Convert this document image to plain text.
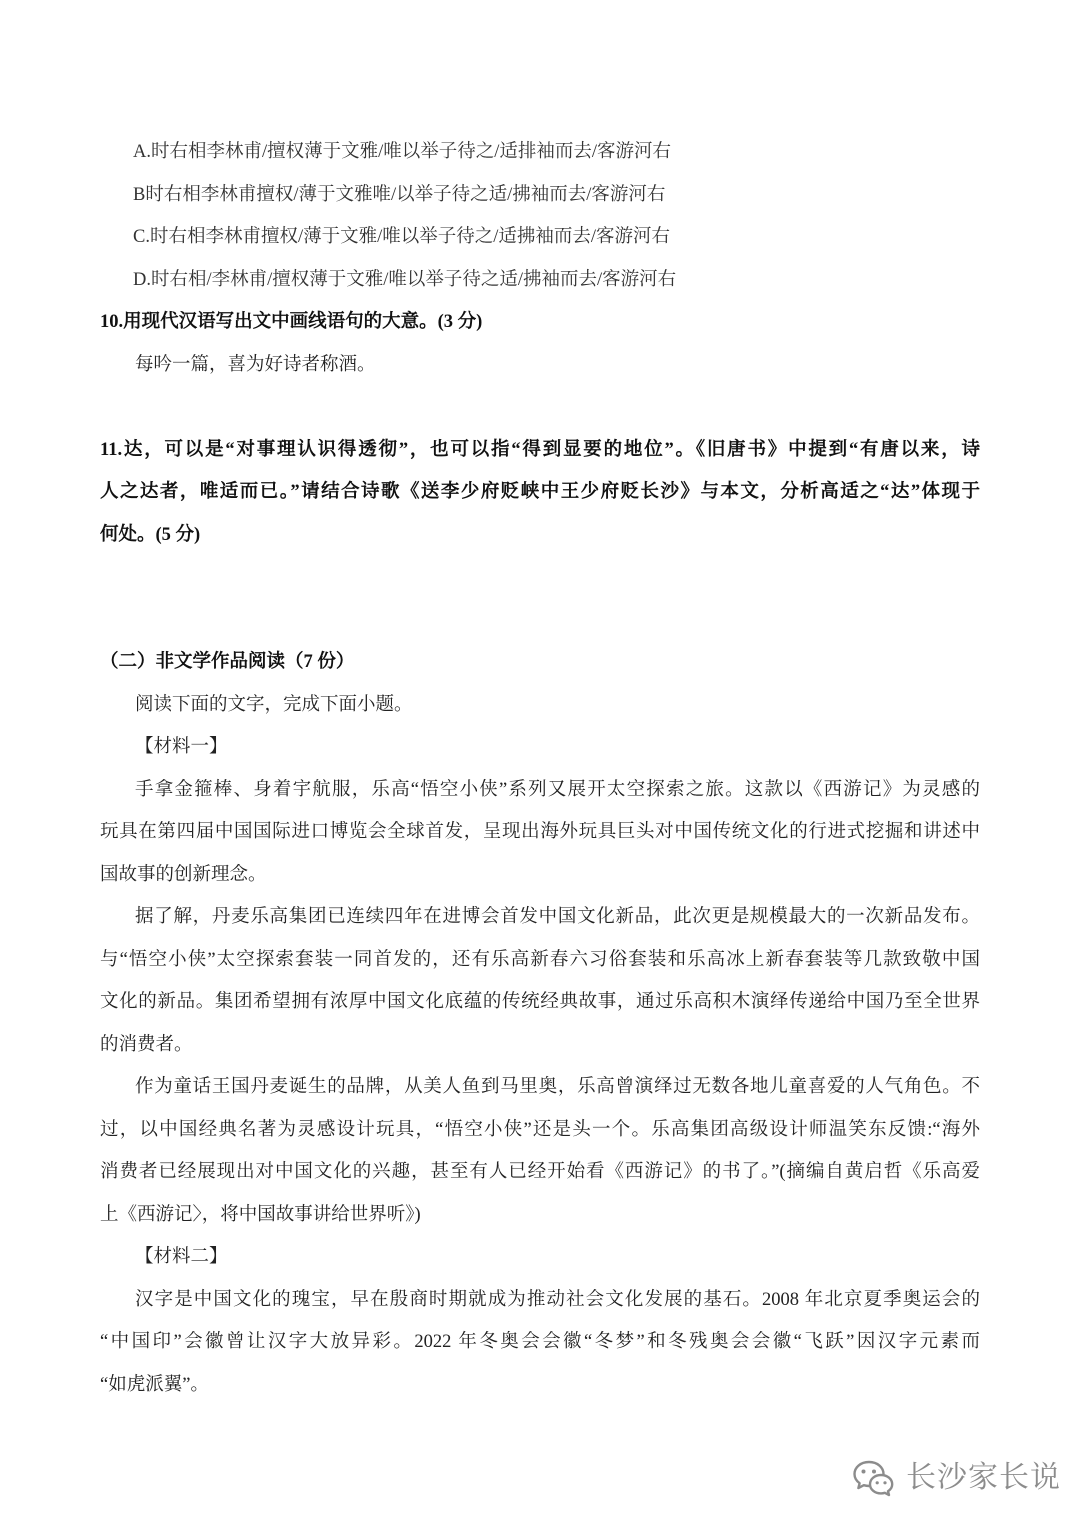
A.时右相李林甫/擅权薄于文雅/唯以举子待之/适排袖而去/客游河右
B时右相李林甫擅权/薄于文雅唯/以举子待之适/拂袖而去/客游河右
C.时右相李林甫擅权/薄于文雅/唯以举子待之/适拂袖而去/客游河右
D.时右相/李林甫/擅权薄于文雅/唯以举子待之适/拂袖而去/客游河右
10.用现代汉语写出文中画线语句的大意。(3 分)
每吟一篇，喜为好诗者称酒。
11.达，可以是“对事理认识得透彻”，也可以指“得到显要的地位”。《旧唐书》中提到“有唐以来，诗
人之达者，唯适而已。”请结合诗歌《送李少府贬峡中王少府贬长沙》与本文，分析高适之“达”体现于
何处。(5 分)
（二）非文学作品阅读（7 份）
阅读下面的文字，完成下面小题。
【材料一】
手拿金箍棒、身着宇航服，乐高“悟空小侠”系列又展开太空探索之旅。这款以《西游记》为灵感的
玩具在第四届中国国际进口博览会全球首发，呈现出海外玩具巨头对中国传统文化的行进式挖掘和讲述中
国故事的创新理念。
据了解，丹麦乐高集团已连续四年在进博会首发中国文化新品，此次更是规模最大的一次新品发布。
与“悟空小侠”太空探索套装一同首发的，还有乐高新春六习俗套装和乐高冰上新春套装等几款致敬中国
文化的新品。集团希望拥有浓厚中国文化底蕴的传统经典故事，通过乐高积木演绎传递给中国乃至全世界
的消费者。
作为童话王国丹麦诞生的品牌，从美人鱼到马里奥，乐高曾演绎过无数各地儿童喜爱的人气角色。不
过，以中国经典名著为灵感设计玩具，“悟空小侠”还是头一个。乐高集团高级设计师温笑东反馈:“海外
消费者已经展现出对中国文化的兴趣，甚至有人已经开始看《西游记》的书了。”(摘编自黄启哲《乐高爱
上《西游记〉，将中国故事讲给世界听》)
【材料二】
汉字是中国文化的瑰宝，早在殷商时期就成为推动社会文化发展的基石。2008 年北京夏季奥运会的
“中国印”会徽曾让汉字大放异彩。2022 年冬奥会会徽“冬梦”和冬残奥会会徽“飞跃”因汉字元素而
“如虎派翼”。
长沙家长说
